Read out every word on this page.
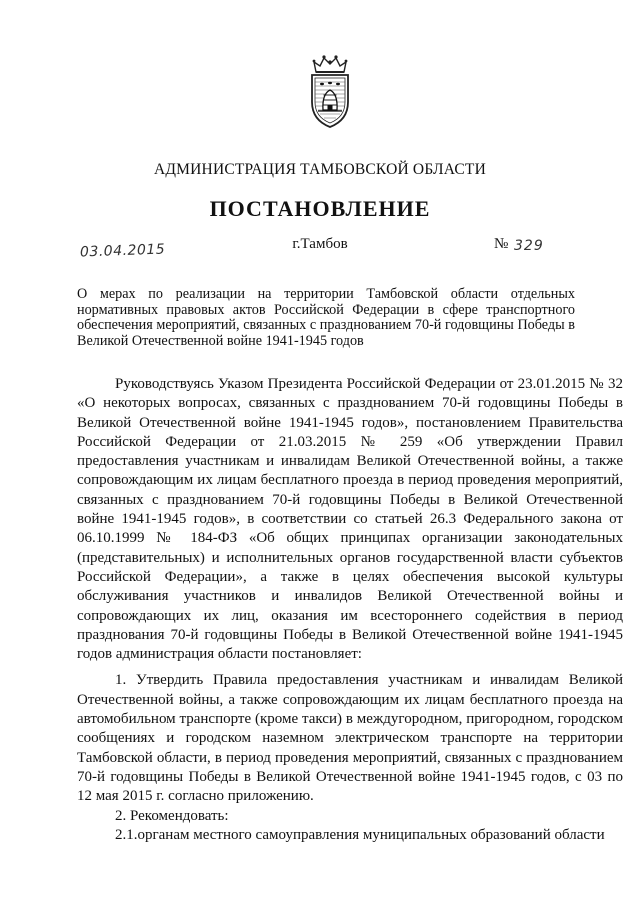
АДМИНИСТРАЦИЯ ТАМБОВСКОЙ ОБЛАСТИ
ПОСТАНОВЛЕНИЕ
03.04.2015	г.Тамбов	№ 329
О мерах по реализации на территории Тамбовской области отдельных нормативных правовых актов Российской Федерации в сфере транспортного обеспечения мероприятий, связанных с празднованием 70-й годовщины Победы в Великой Отечественной войне 1941-1945 годов

Руководствуясь Указом Президента Российской Федерации от 23.01.2015 № 32 «О некоторых вопросах, связанных с празднованием 70-й годовщины Победы в Великой Отечественной войне 1941-1945 годов», постановлением Правительства Российской Федерации от 21.03.2015 № 259 «Об утверждении Правил предоставления участникам и инвалидам Великой Отечественной войны, а также сопровождающим их лицам бесплатного проезда в период проведения мероприятий, связанных с празднованием 70-й годовщины Победы в Великой Отечественной войне 1941-1945 годов», в соответствии со статьей 26.3 Федерального закона от 06.10.1999 № 184-ФЗ «Об общих принципах организации законодательных (представительных) и исполнительных органов государственной власти субъектов Российской Федерации», а также в целях обеспечения высокой культуры обслуживания участников и инвалидов Великой Отечественной войны и сопровождающих их лиц, оказания им всестороннего содействия в период празднования 70-й годовщины Победы в Великой Отечественной войне 1941-1945 годов администрация области постановляет:

1. Утвердить Правила предоставления участникам и инвалидам Великой Отечественной войны, а также сопровождающим их лицам бесплатного проезда на автомобильном транспорте (кроме такси) в междугородном, пригородном, городском сообщениях и городском наземном электрическом транспорте на территории Тамбовской области, в период проведения мероприятий, связанных с празднованием 70-й годовщины Победы в Великой Отечественной войне 1941-1945 годов, с 03 по 12 мая 2015 г. согласно приложению.

2. Рекомендовать:

2.1.органам местного самоуправления муниципальных образований области
